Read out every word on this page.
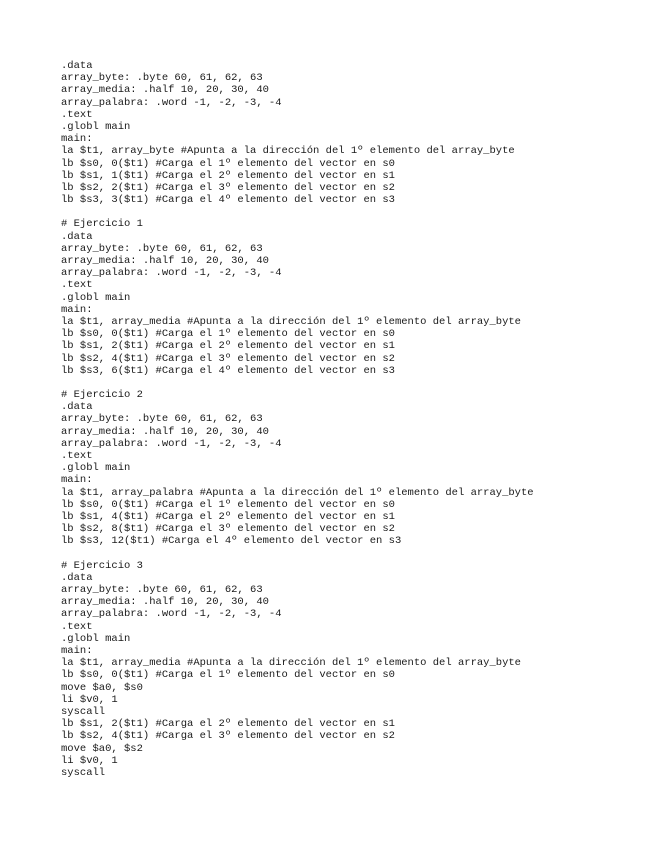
.data
array_byte: .byte 60, 61, 62, 63
array_media: .half 10, 20, 30, 40
array_palabra: .word -1, -2, -3, -4
.text
.globl main
main:
la $t1, array_byte #Apunta a la dirección del 1º elemento del array_byte
lb $s0, 0($t1) #Carga el 1º elemento del vector en s0
lb $s1, 1($t1) #Carga el 2º elemento del vector en s1
lb $s2, 2($t1) #Carga el 3º elemento del vector en s2
lb $s3, 3($t1) #Carga el 4º elemento del vector en s3
# Ejercicio 1
.data
array_byte: .byte 60, 61, 62, 63
array_media: .half 10, 20, 30, 40
array_palabra: .word -1, -2, -3, -4
.text
.globl main
main:
la $t1, array_media #Apunta a la dirección del 1º elemento del array_byte
lb $s0, 0($t1) #Carga el 1º elemento del vector en s0
lb $s1, 2($t1) #Carga el 2º elemento del vector en s1
lb $s2, 4($t1) #Carga el 3º elemento del vector en s2
lb $s3, 6($t1) #Carga el 4º elemento del vector en s3
# Ejercicio 2
.data
array_byte: .byte 60, 61, 62, 63
array_media: .half 10, 20, 30, 40
array_palabra: .word -1, -2, -3, -4
.text
.globl main
main:
la $t1, array_palabra #Apunta a la dirección del 1º elemento del array_byte
lb $s0, 0($t1) #Carga el 1º elemento del vector en s0
lb $s1, 4($t1) #Carga el 2º elemento del vector en s1
lb $s2, 8($t1) #Carga el 3º elemento del vector en s2
lb $s3, 12($t1) #Carga el 4º elemento del vector en s3
# Ejercicio 3
.data
array_byte: .byte 60, 61, 62, 63
array_media: .half 10, 20, 30, 40
array_palabra: .word -1, -2, -3, -4
.text
.globl main
main:
la $t1, array_media #Apunta a la dirección del 1º elemento del array_byte
lb $s0, 0($t1) #Carga el 1º elemento del vector en s0
move $a0, $s0
li $v0, 1
syscall
lb $s1, 2($t1) #Carga el 2º elemento del vector en s1
lb $s2, 4($t1) #Carga el 3º elemento del vector en s2
move $a0, $s2
li $v0, 1
syscall
